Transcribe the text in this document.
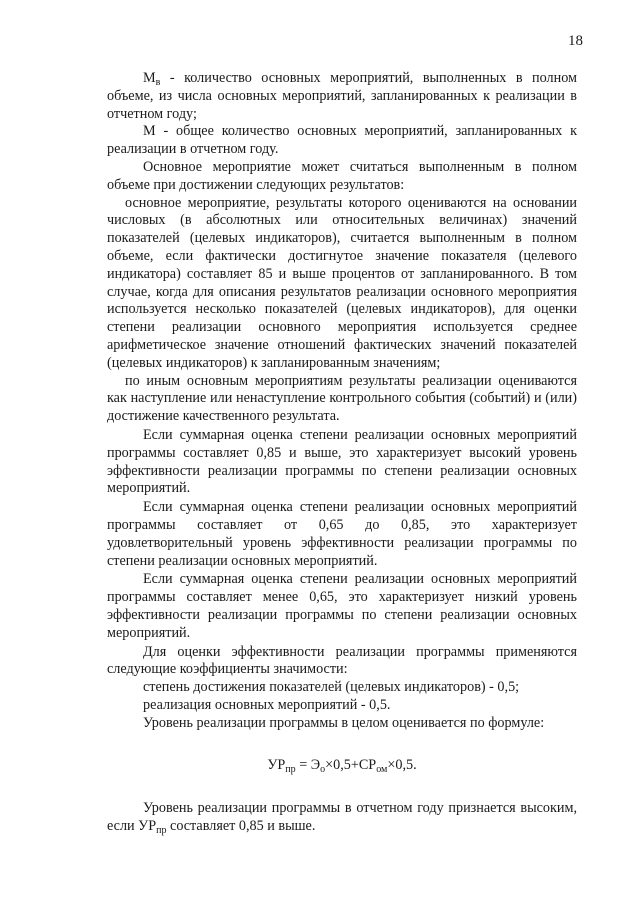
18

$M_в$ - количество основных мероприятий, выполненных в полном объеме, из числа основных мероприятий, запланированных к реализации в отчетном году;

М - общее количество основных мероприятий, запланированных к реализации в отчетном году.

Основное мероприятие может считаться выполненным в полном объеме при достижении следующих результатов:

основное мероприятие, результаты которого оцениваются на основании числовых (в абсолютных или относительных величинах) значений показателей (целевых индикаторов), считается выполненным в полном объеме, если фактически достигнутое значение показателя (целевого индикатора) составляет 85 и выше процентов от запланированного. В том случае, когда для описания результатов реализации основного мероприятия используется несколько показателей (целевых индикаторов), для оценки степени реализации основного мероприятия используется среднее арифметическое значение отношений фактических значений показателей (целевых индикаторов) к запланированным значениям;

по иным основным мероприятиям результаты реализации оцениваются как наступление или ненаступление контрольного события (событий) и (или) достижение качественного результата.

Если суммарная оценка степени реализации основных мероприятий программы составляет 0,85 и выше, это характеризует высокий уровень эффективности реализации программы по степени реализации основных мероприятий.

Если суммарная оценка степени реализации основных мероприятий программы составляет от 0,65 до 0,85, это характеризует удовлетворительный уровень эффективности реализации программы по степени реализации основных мероприятий.

Если суммарная оценка степени реализации основных мероприятий программы составляет менее 0,65, это характеризует низкий уровень эффективности реализации программы по степени реализации основных мероприятий.

Для оценки эффективности реализации программы применяются следующие коэффициенты значимости:

степень достижения показателей (целевых индикаторов) - 0,5;

реализация основных мероприятий - 0,5.

Уровень реализации программы в целом оценивается по формуле:

$УР_{пр} = Э_о\times 0,5+СР_{ом}\times 0,5$.

Уровень реализации программы в отчетном году признается высоким, если $УР_{пр}$ составляет 0,85 и выше.
